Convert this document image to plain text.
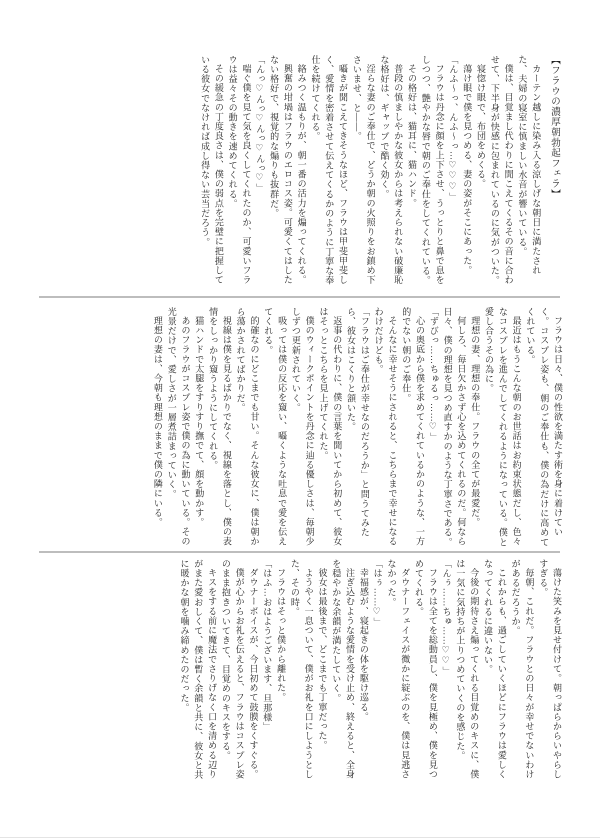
【フラウの濃厚朝勃起フェラ】

カーテン越しに染み入る涼しげな朝日に満たされた、夫婦の寝室に慎ましい水音が響いている。

僕は、目覚まし代わりに聞こえてくるその音に合わせて、下半身が快感に包まれているのに気がついた。

寝惚け眼で、布団をめくる。

蕩け眼で僕を見つめる、妻の姿がそこにあった。

「んふ～っ、んふ～っ…♡♡♡」

フラウは丹念に顔を上下させ、うっとりと鼻で息をしつつ、艶やかな唇で朝のご奉仕をしてくれている。

その格好は、猫耳に、猫ハンド。

普段の慎ましやかな彼女からは考えられない破廉恥な格好は、ギャップで酷く効く。

淫らな妻のご奉仕で、どうか朝の火照りをお鎮め下さいませ、と――。

囁きが聞こえてきそうなほど、フラウは甲斐甲斐しく、愛情を密着させて伝えてくるかのように丁寧な奉仕を続けてくれる。

絡みつく温もりが、朝一番の活力を煽ってくれる。

興奮の坩堝はフラウのエロコス姿。可愛くてはしたない格好で、視覚的な煽りも抜群だ。

「んっ♡んっ♡んっ♡んっ♡」

喘ぐ僕を見て気を良くしてくれたのか、可愛いフラウは益々その動きを速めてくれる。

その緩急の丁度良さは、僕の弱点を完璧に把握している彼女でなければ成し得ない芸当だろう。

フラウは日々、僕の性欲を満たす術を身に着けていく。コスプレ姿も、朝のご奉仕も、僕の為だけに高めてくれている。

最近はもうこんな朝のお世話はお約束状態だし、色々なコスプレを進んでしてくれるようになっている。僕と愛し合うその為に。

理想の妻、理想の奉仕。フラウの全てが最愛だ。

何しろ、毎日欠かさず心を込めてくれるのだ。何なら日々、僕の理想を見つめ直すかのような丁寧さである。

「ずびっ……ちゅるっ……♡」

心の奥底から僕を求めてくれているかのような、一方的でない朝のご奉仕。

そんなに幸せそうにされると、こちらまで幸せになるわけだけども。

「フラウはご奉仕が幸せなのだろうか」と問うてみたら、彼女はこくりと頷いた。

返事の代わりに、僕の言葉を聞いてから初めて、彼女はそっとこちらを見上げてくれた。

僕のウィークポイントを丹念に辿る優しさは、毎朝少しずつ更新されていく。

吸っては僕の反応を窺い、囁くような吐息で愛を伝えてくれる。

的確なのにどこまでも甘い。そんな彼女に、僕は朝から蕩かされてばかりだ。

視線は僕を見るばかりでなく、視線を落とし、僕の表情をしっかり窺うようにしてくれる。

猫ハンドで太腿をすりすり撫でて、顔を動かす。

あのフラウがコスプレ姿で僕の為に動いている。その光景だけで、愛しさが一層煮詰まっていく。

理想の妻は、今朝も理想のままで僕の隣にいる。

蕩けた笑みを見せ付けて。朝っぱらからいやらしすぎる。

毎朝、これだ。フラウとの日々が幸せでないわけがあるだろうか。

これからも、過ごしていくほどにフラウは愛しくなってくれるに違いない。

今後の期待さえ煽ってくれる目覚めのキスに、僕は一気に気持ちが上りつめていくのを感じた。

「んぅ……ちゅ……♡♡」

フラウは全てを総動員し、僕を見極め、僕を見つめてくれる。

ダウナーフェイスが微かに綻ぶのを、僕は見逃さなかった。

「はぅ……♡」

幸福感が、寝起きの体を駆け巡る。

注ぎ込むような愛情を受け止め、終えると、全身を穏やかな余韻が満たしていく。

彼女は最後まで、どこまでも丁寧だった。

ようやく一息ついて、僕がお礼を口にしようとした、その時。

フラウはそっと僕から離れた。

「はふ…おはようございます、旦那様」

ダウナーボイスが、今日初めて鼓膜をくすぐる。

僕が心からお礼を伝えると、フラウはコスプレ姿のまま抱きついてきて、目覚めのキスをする。

キスをする前に魔法でさりげなく口を清める辺りがまた愛おしくて、僕は暫く余韻と共に、彼女と共に暖かな朝を噛み締めたのだった。
